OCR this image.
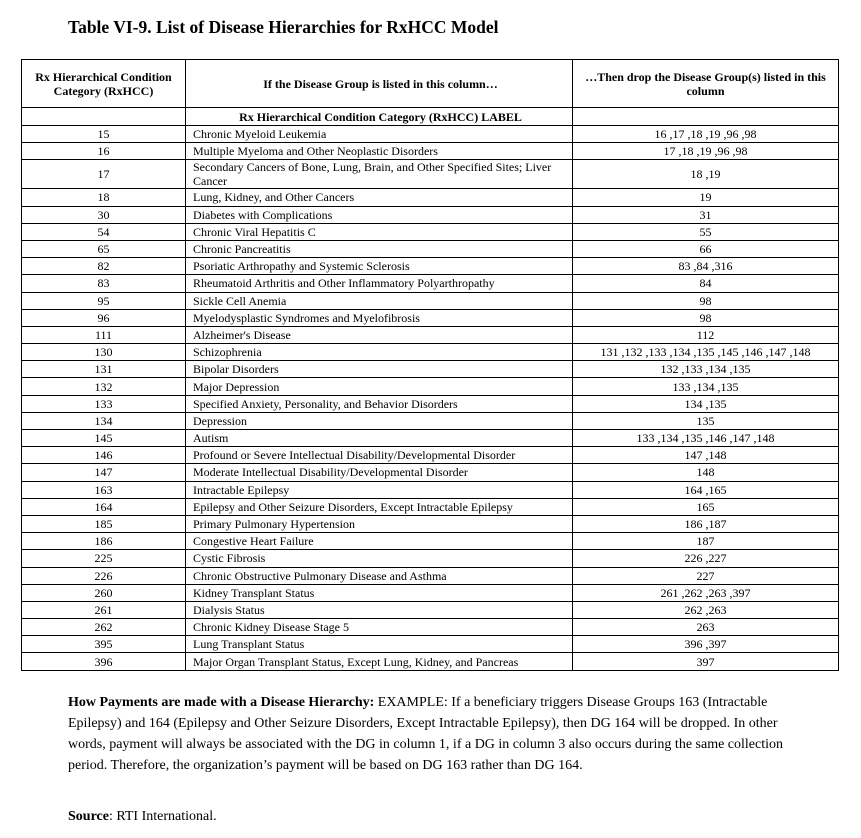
Table VI-9. List of Disease Hierarchies for RxHCC Model
Rx Hierarchical Condition Category (RxHCC)	If the Disease Group is listed in this column…	…Then drop the Disease Group(s) listed in this column
	Rx Hierarchical Condition Category (RxHCC) LABEL	
15	Chronic Myeloid Leukemia	16 ,17 ,18 ,19 ,96 ,98
16	Multiple Myeloma and Other Neoplastic Disorders	17 ,18 ,19 ,96 ,98
17	Secondary Cancers of Bone, Lung, Brain, and Other Specified Sites; Liver Cancer	18 ,19
18	Lung, Kidney, and Other Cancers	19
30	Diabetes with Complications	31
54	Chronic Viral Hepatitis C	55
65	Chronic Pancreatitis	66
82	Psoriatic Arthropathy and Systemic Sclerosis	83 ,84 ,316
83	Rheumatoid Arthritis and Other Inflammatory Polyarthropathy	84
95	Sickle Cell Anemia	98
96	Myelodysplastic Syndromes and Myelofibrosis	98
111	Alzheimer's Disease	112
130	Schizophrenia	131 ,132 ,133 ,134 ,135 ,145 ,146 ,147 ,148
131	Bipolar Disorders	132 ,133 ,134 ,135
132	Major Depression	133 ,134 ,135
133	Specified Anxiety, Personality, and Behavior Disorders	134 ,135
134	Depression	135
145	Autism	133 ,134 ,135 ,146 ,147 ,148
146	Profound or Severe Intellectual Disability/Developmental Disorder	147 ,148
147	Moderate Intellectual Disability/Developmental Disorder	148
163	Intractable Epilepsy	164 ,165
164	Epilepsy and Other Seizure Disorders, Except Intractable Epilepsy	165
185	Primary Pulmonary Hypertension	186 ,187
186	Congestive Heart Failure	187
225	Cystic Fibrosis	226 ,227
226	Chronic Obstructive Pulmonary Disease and Asthma	227
260	Kidney Transplant Status	261 ,262 ,263 ,397
261	Dialysis Status	262 ,263
262	Chronic Kidney Disease Stage 5	263
395	Lung Transplant Status	396 ,397
396	Major Organ Transplant Status, Except Lung, Kidney, and Pancreas	397
How Payments are made with a Disease Hierarchy: EXAMPLE: If a beneficiary triggers Disease Groups 163 (Intractable Epilepsy) and 164 (Epilepsy and Other Seizure Disorders, Except Intractable Epilepsy), then DG 164 will be dropped. In other words, payment will always be associated with the DG in column 1, if a DG in column 3 also occurs during the same collection period. Therefore, the organization’s payment will be based on DG 163 rather than DG 164.
Source: RTI International.
